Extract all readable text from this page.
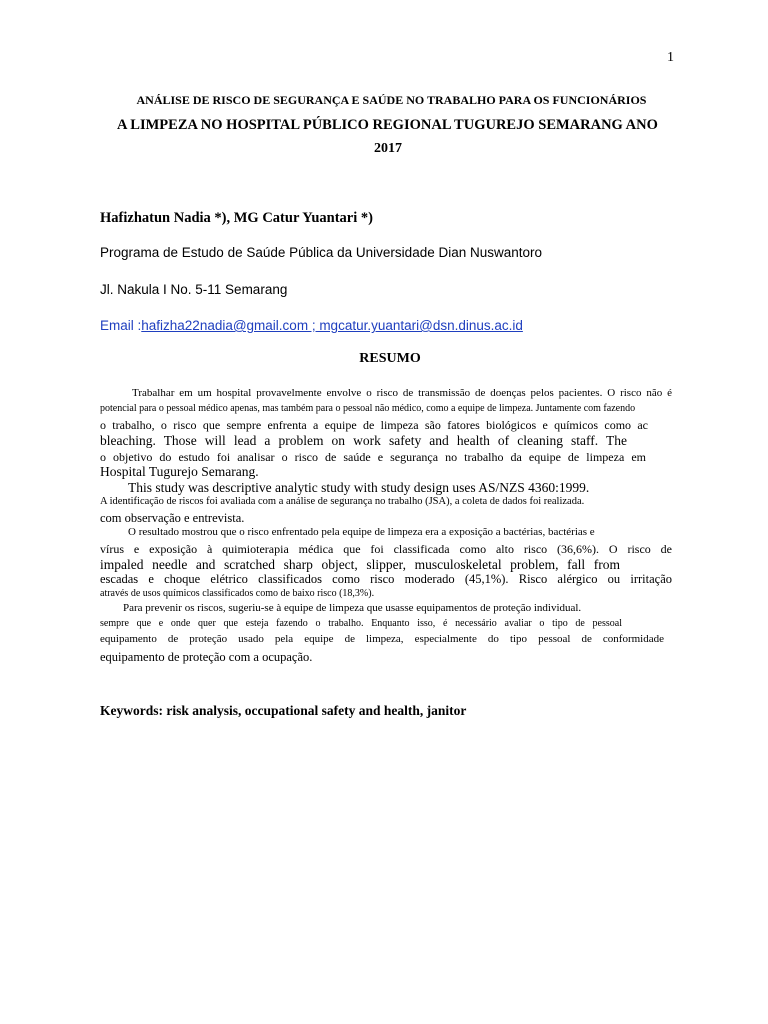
1
ANÁLISE DE RISCO DE SEGURANÇA E SAÚDE NO TRABALHO PARA OS FUNCIONÁRIOS
A LIMPEZA NO HOSPITAL PÚBLICO REGIONAL TUGUREJO SEMARANG ANO
2017
Hafizhatun Nadia *), MG Catur Yuantari *)
Programa de Estudo de Saúde Pública da Universidade Dian Nuswantoro
Jl. Nakula I No. 5-11 Semarang
Email :hafizha22nadia@gmail.com ; mgcatur.yuantari@dsn.dinus.ac.id
RESUMO
Trabalhar em um hospital provavelmente envolve o risco de transmissão de doenças pelos pacientes. O risco não é
potencial para o pessoal médico apenas, mas também para o pessoal não médico, como a equipe de limpeza. Juntamente com fazendo
o trabalho, o risco que sempre enfrenta a equipe de limpeza são fatores biológicos e químicos como ac
bleaching. Those will lead a problem on work safety and health of cleaning staff. The
o objetivo do estudo foi analisar o risco de saúde e segurança no trabalho da equipe de limpeza em
Hospital Tugurejo Semarang.
This study was descriptive analytic study with study design uses AS/NZS 4360:1999.
A identificação de riscos foi avaliada com a análise de segurança no trabalho (JSA), a coleta de dados foi realizada.
com observação e entrevista.
O resultado mostrou que o risco enfrentado pela equipe de limpeza era a exposição a bactérias, bactérias e
vírus e exposição à quimioterapia médica que foi classificada como alto risco (36,6%). O risco de
impaled needle and scratched sharp object, slipper, musculoskeletal problem, fall from
escadas e choque elétrico classificados como risco moderado (45,1%). Risco alérgico ou irritação
através de usos químicos classificados como de baixo risco (18,3%).
Para prevenir os riscos, sugeriu-se à equipe de limpeza que usasse equipamentos de proteção individual.
sempre que e onde quer que esteja fazendo o trabalho. Enquanto isso, é necessário avaliar o tipo de pessoal
equipamento de proteção usado pela equipe de limpeza, especialmente do tipo pessoal de conformidade
equipamento de proteção com a ocupação.
Keywords: risk analysis, occupational safety and health, janitor
